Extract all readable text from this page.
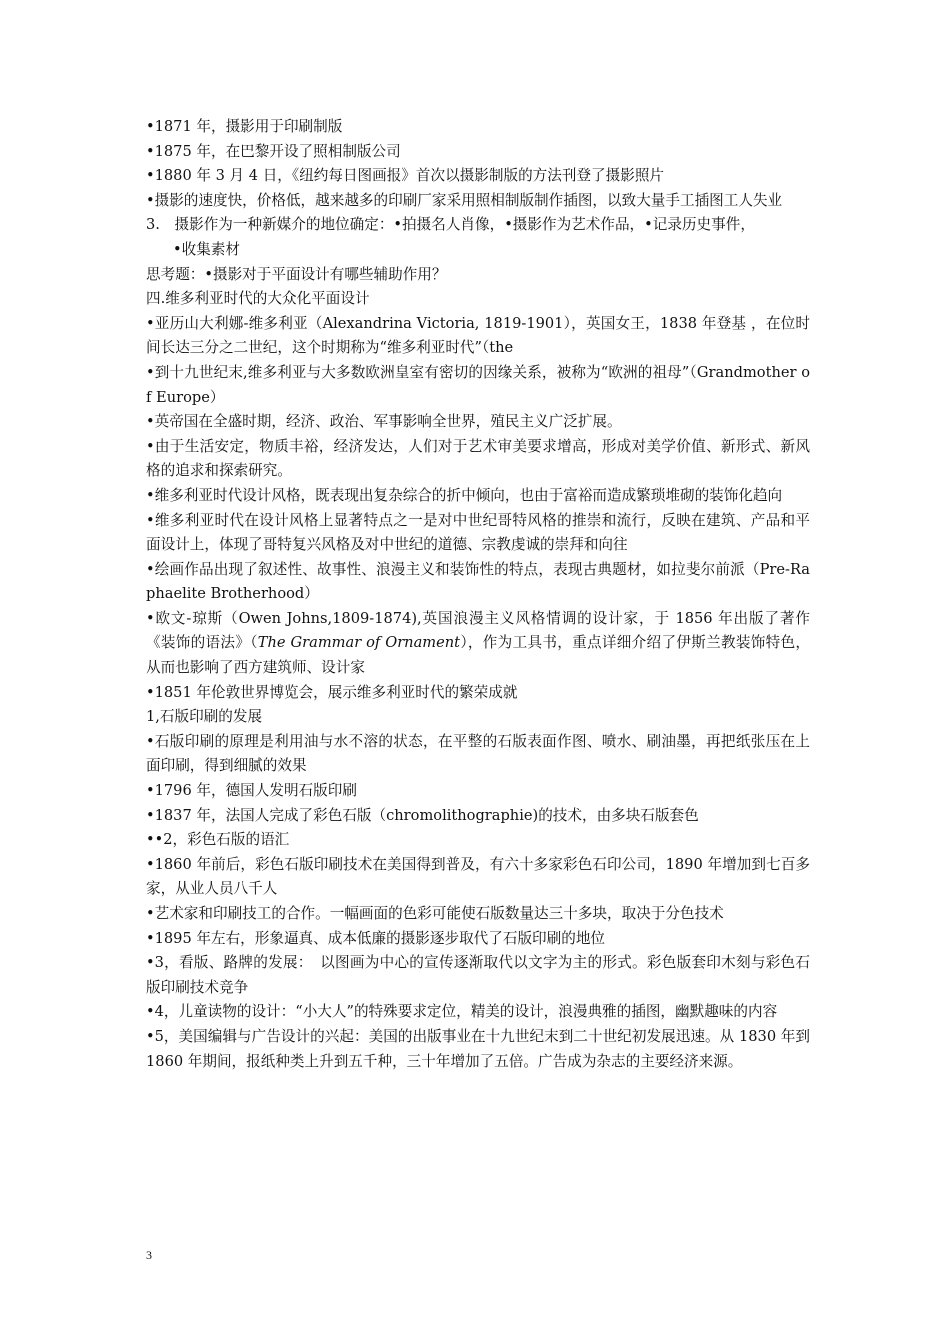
•1871 年，摄影用于印刷制版

•1875 年，在巴黎开设了照相制版公司

•1880 年 3 月 4 日，《纽约每日图画报》首次以摄影制版的方法刊登了摄影照片

•摄影的速度快，价格低，越来越多的印刷厂家采用照相制版制作插图，以致大量手工插图工人失业

3.　摄影作为一种新媒介的地位确定：•拍摄名人肖像，•摄影作为艺术作品，•记录历史事件，

•收集素材

思考题：•摄影对于平面设计有哪些辅助作用？

四.维多利亚时代的大众化平面设计

•亚历山大利娜-维多利亚（Alexandrina Victoria, 1819-1901），英国女王，1838 年登基 ，在位时间长达三分之二世纪，这个时期称为“维多利亚时代”（the

•到十九世纪末,维多利亚与大多数欧洲皇室有密切的因缘关系，被称为“欧洲的祖母”（Grandmother of Europe）

•英帝国在全盛时期，经济、政治、军事影响全世界，殖民主义广泛扩展。

•由于生活安定，物质丰裕，经济发达，人们对于艺术审美要求增高，形成对美学价值、新形式、新风格的追求和探索研究。

•维多利亚时代设计风格，既表现出复杂综合的折中倾向，也由于富裕而造成繁琐堆砌的装饰化趋向

•维多利亚时代在设计风格上显著特点之一是对中世纪哥特风格的推崇和流行，反映在建筑、产品和平面设计上，体现了哥特复兴风格及对中世纪的道德、宗教虔诚的崇拜和向往

•绘画作品出现了叙述性、故事性、浪漫主义和装饰性的特点，表现古典题材，如拉斐尔前派（Pre-Raphaelite Brotherhood）

•欧文-琼斯（Owen Johns,1809-1874),英国浪漫主义风格情调的设计家，于 1856 年出版了著作《装饰的语法》（The Grammar of Ornament），作为工具书，重点详细介绍了伊斯兰教装饰特色，从而也影响了西方建筑师、设计家

•1851 年伦敦世界博览会，展示维多利亚时代的繁荣成就

1,石版印刷的发展

•石版印刷的原理是利用油与水不溶的状态，在平整的石版表面作图、喷水、刷油墨，再把纸张压在上面印刷，得到细腻的效果

•1796 年，德国人发明石版印刷

•1837 年，法国人完成了彩色石版（chromolithographie)的技术，由多块石版套色

••2，彩色石版的语汇

•1860 年前后，彩色石版印刷技术在美国得到普及，有六十多家彩色石印公司，1890 年增加到七百多家，从业人员八千人

•艺术家和印刷技工的合作。一幅画面的色彩可能使石版数量达三十多块，取决于分色技术

•1895 年左右，形象逼真、成本低廉的摄影逐步取代了石版印刷的地位

•3，看版、路牌的发展：　以图画为中心的宣传逐渐取代以文字为主的形式。彩色版套印木刻与彩色石版印刷技术竞争

•4，儿童读物的设计：“小大人”的特殊要求定位，精美的设计，浪漫典雅的插图，幽默趣味的内容

•5，美国编辑与广告设计的兴起：美国的出版事业在十九世纪末到二十世纪初发展迅速。从 1830 年到 1860 年期间，报纸种类上升到五千种，三十年增加了五倍。广告成为杂志的主要经济来源。

3
